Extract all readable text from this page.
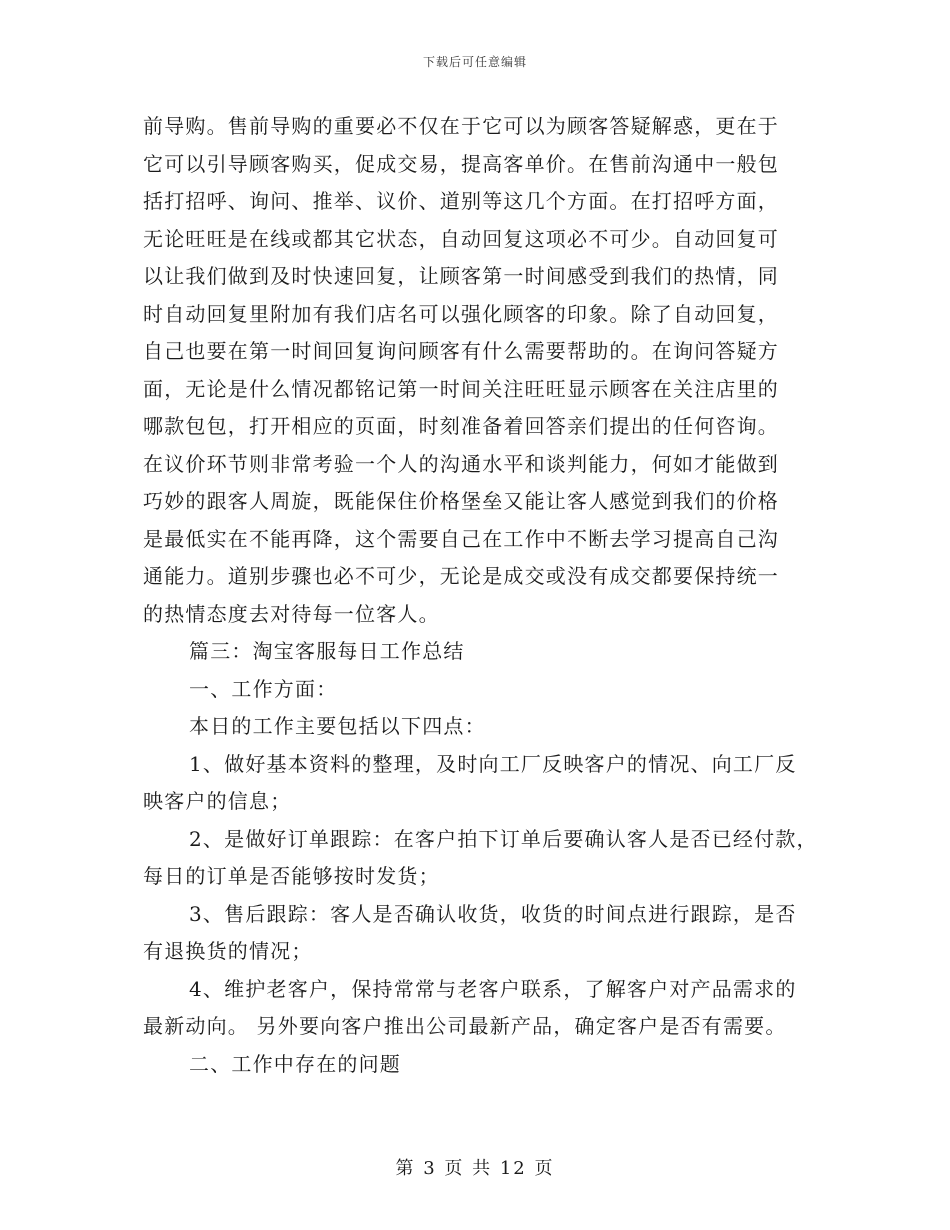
下载后可任意编辑
前导购。售前导购的重要必不仅在于它可以为顾客答疑解惑，更在于
它可以引导顾客购买，促成交易，提高客单价。在售前沟通中一般包
括打招呼、询问、推举、议价、道别等这几个方面。在打招呼方面，
无论旺旺是在线或都其它状态，自动回复这项必不可少。自动回复可
以让我们做到及时快速回复，让顾客第一时间感受到我们的热情，同
时自动回复里附加有我们店名可以强化顾客的印象。除了自动回复，
自己也要在第一时间回复询问顾客有什么需要帮助的。在询问答疑方
面，无论是什么情况都铭记第一时间关注旺旺显示顾客在关注店里的
哪款包包，打开相应的页面，时刻准备着回答亲们提出的任何咨询。
在议价环节则非常考验一个人的沟通水平和谈判能力，何如才能做到
巧妙的跟客人周旋，既能保住价格堡垒又能让客人感觉到我们的价格
是最低实在不能再降，这个需要自己在工作中不断去学习提高自己沟
通能力。道别步骤也必不可少，无论是成交或没有成交都要保持统一
的热情态度去对待每一位客人。
篇三：淘宝客服每日工作总结
一、工作方面：
本日的工作主要包括以下四点：
1、做好基本资料的整理，及时向工厂反映客户的情况、向工厂反
映客户的信息；
2、是做好订单跟踪：在客户拍下订单后要确认客人是否已经付款，
每日的订单是否能够按时发货；
3、售后跟踪：客人是否确认收货，收货的时间点进行跟踪，是否
有退换货的情况；
4、维护老客户，保持常常与老客户联系，了解客户对产品需求的
最新动向。 另外要向客户推出公司最新产品，确定客户是否有需要。
二、工作中存在的问题
第 3 页 共 12 页
